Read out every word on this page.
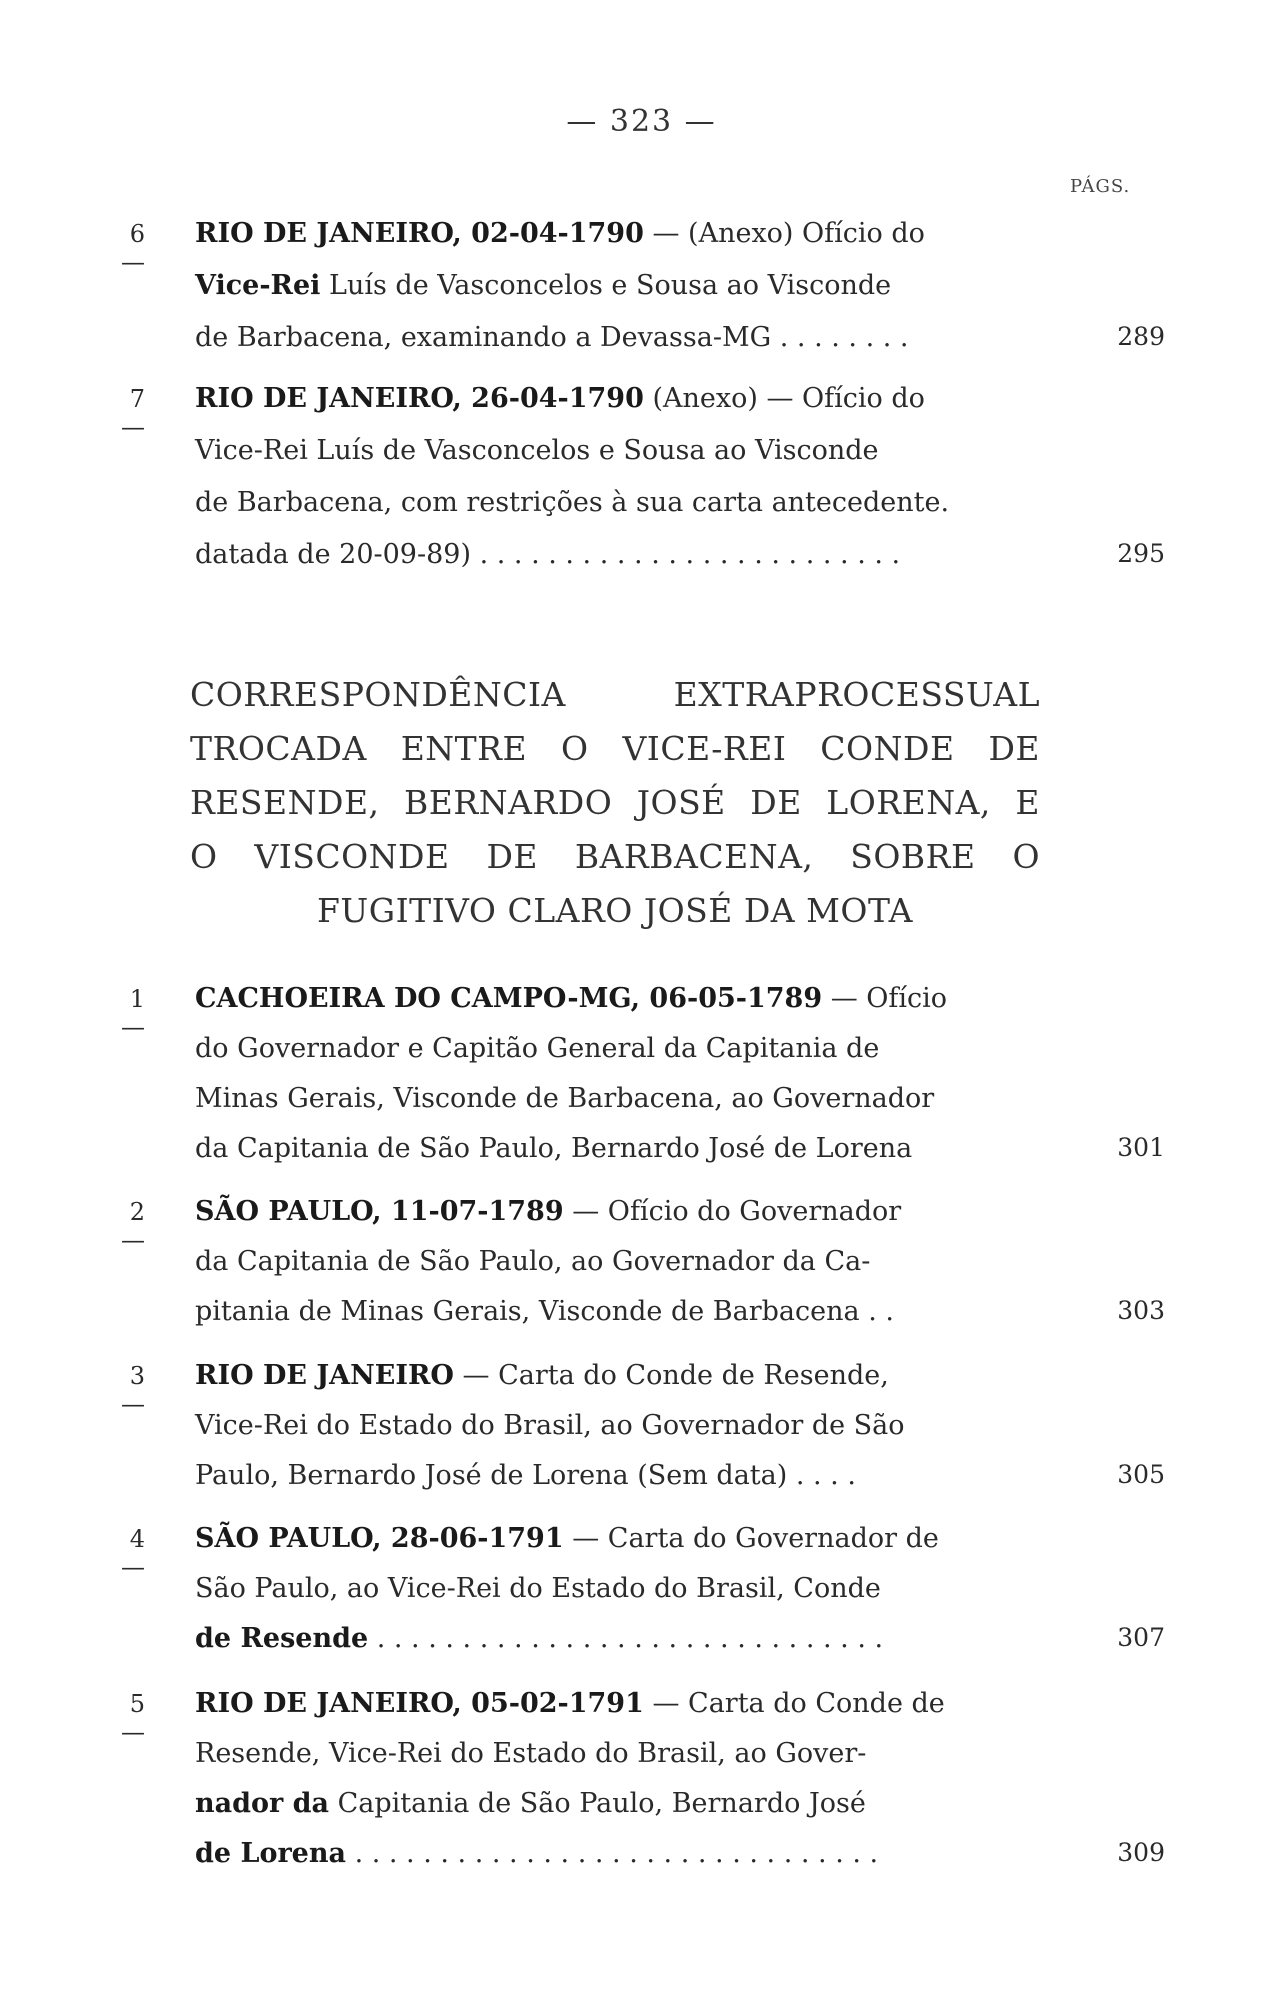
— 323 —
PÁGS.
6 —
RIO DE JANEIRO, 02-04-1790 — (Anexo) Ofício do
Vice-Rei Luís de Vasconcelos e Sousa ao Visconde
de Barbacena, examinando a Devassa-MG . . . . . . . .	289
7 —
RIO DE JANEIRO, 26-04-1790 (Anexo) — Ofício do
Vice-Rei Luís de Vasconcelos e Sousa ao Visconde
de Barbacena, com restrições à sua carta antecedente.
datada de 20-09-89) . . . . . . . . . . . . . . . . . . . . . . . . .	295
CORRESPONDÊNCIA EXTRAPROCESSUAL
TROCADA ENTRE O VICE-REI CONDE DE
RESENDE, BERNARDO JOSÉ DE LORENA, E
O VISCONDE DE BARBACENA, SOBRE O
FUGITIVO CLARO JOSÉ DA MOTA
1 —
CACHOEIRA DO CAMPO-MG, 06-05-1789 — Ofício
do Governador e Capitão General da Capitania de
Minas Gerais, Visconde de Barbacena, ao Governador
da Capitania de São Paulo, Bernardo José de Lorena	301
2 —
SÃO PAULO, 11-07-1789 — Ofício do Governador
da Capitania de São Paulo, ao Governador da Ca-
pitania de Minas Gerais, Visconde de Barbacena . .	303
3 —
RIO DE JANEIRO — Carta do Conde de Resende,
Vice-Rei do Estado do Brasil, ao Governador de São
Paulo, Bernardo José de Lorena (Sem data) . . . .	305
4 —
SÃO PAULO, 28-06-1791 — Carta do Governador de
São Paulo, ao Vice-Rei do Estado do Brasil, Conde
de Resende . . . . . . . . . . . . . . . . . . . . . . . . . . . . . .	307
5 —
RIO DE JANEIRO, 05-02-1791 — Carta do Conde de
Resende, Vice-Rei do Estado do Brasil, ao Gover-
nador da Capitania de São Paulo, Bernardo José
de Lorena . . . . . . . . . . . . . . . . . . . . . . . . . . . . . . .	309
